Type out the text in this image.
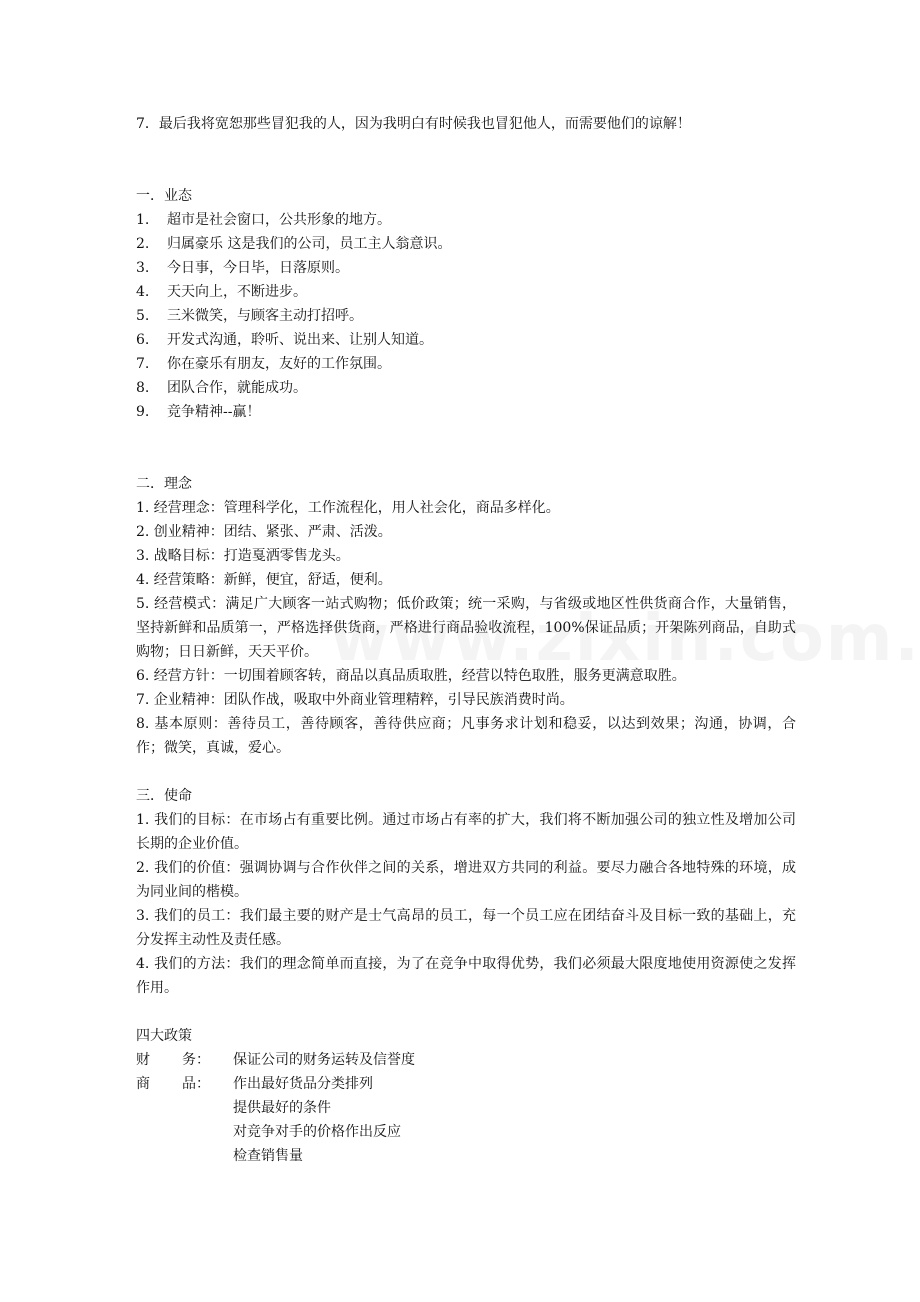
7．最后我将宽恕那些冒犯我的人，因为我明白有时候我也冒犯他人，而需要他们的谅解！
一．业态
1. 超市是社会窗口，公共形象的地方。
2. 归属豪乐 这是我们的公司，员工主人翁意识。
3. 今日事，今日毕，日落原则。
4. 天天向上，不断进步。
5. 三米微笑，与顾客主动打招呼。
6. 开发式沟通，聆听、说出来、让别人知道。
7. 你在豪乐有朋友，友好的工作氛围。
8. 团队合作，就能成功。
9. 竞争精神--赢！
二．理念
1. 经营理念：管理科学化，工作流程化，用人社会化，商品多样化。
2. 创业精神：团结、紧张、严肃、活泼。
3. 战略目标：打造戛洒零售龙头。
4. 经营策略：新鲜，便宜，舒适，便利。
5. 经营模式：满足广大顾客一站式购物；低价政策；统一采购，与省级或地区性供货商合作，大量销售，坚持新鲜和品质第一，严格选择供货商，严格进行商品验收流程，100%保证品质；开架陈列商品，自助式购物；日日新鲜，天天平价。
6. 经营方针：一切围着顾客转，商品以真品质取胜，经营以特色取胜，服务更满意取胜。
7. 企业精神：团队作战，吸取中外商业管理精粹，引导民族消费时尚。
8. 基本原则：善待员工，善待顾客，善待供应商；凡事务求计划和稳妥，以达到效果；沟通，协调，合作；微笑，真诚，爱心。
三．使命
1. 我们的目标：在市场占有重要比例。通过市场占有率的扩大，我们将不断加强公司的独立性及增加公司长期的企业价值。
2. 我们的价值：强调协调与合作伙伴之间的关系，增进双方共同的利益。要尽力融合各地特殊的环境，成为同业间的楷模。
3. 我们的员工：我们最主要的财产是士气高昂的员工，每一个员工应在团结奋斗及目标一致的基础上，充分发挥主动性及责任感。
4. 我们的方法：我们的理念简单而直接，为了在竞争中取得优势，我们必须最大限度地使用资源使之发挥作用。
四大政策
财 务：	保证公司的财务运转及信誉度
商 品：	作出最好货品分类排列
提供最好的条件
对竞争对手的价格作出反应
检查销售量
